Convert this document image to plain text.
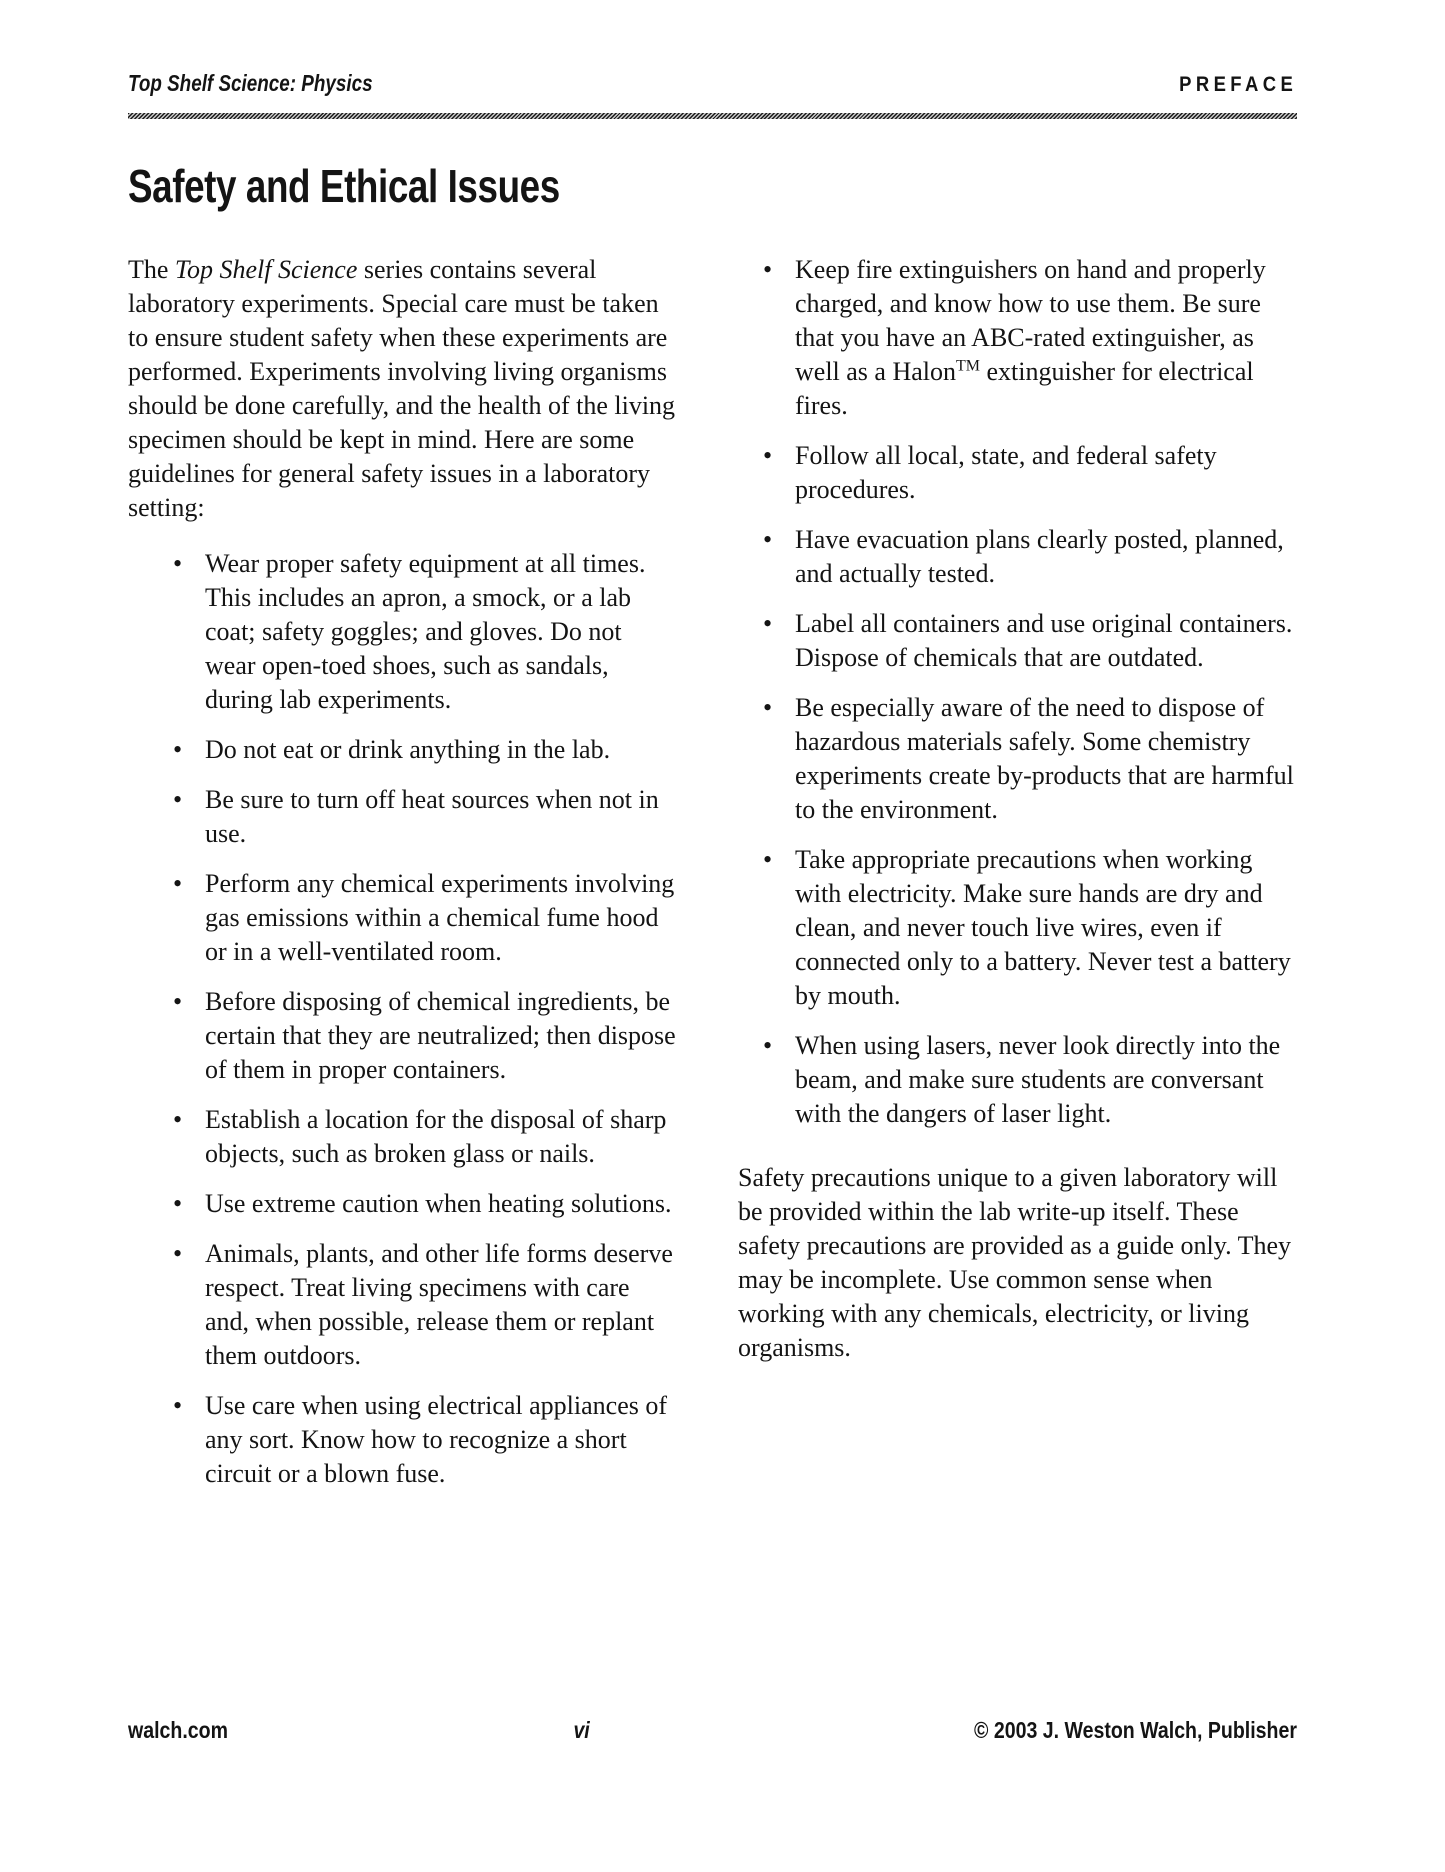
Top Shelf Science: Physics	PREFACE
Safety and Ethical Issues

The Top Shelf Science series contains several laboratory experiments. Special care must be taken to ensure student safety when these experiments are performed. Experiments involving living organisms should be done carefully, and the health of the living specimen should be kept in mind. Here are some guidelines for general safety issues in a laboratory setting:

• Wear proper safety equipment at all times. This includes an apron, a smock, or a lab coat; safety goggles; and gloves. Do not wear open-toed shoes, such as sandals, during lab experiments.
• Do not eat or drink anything in the lab.
• Be sure to turn off heat sources when not in use.
• Perform any chemical experiments involving gas emissions within a chemical fume hood or in a well-ventilated room.
• Before disposing of chemical ingredients, be certain that they are neutralized; then dispose of them in proper containers.
• Establish a location for the disposal of sharp objects, such as broken glass or nails.
• Use extreme caution when heating solutions.
• Animals, plants, and other life forms deserve respect. Treat living specimens with care and, when possible, release them or replant them outdoors.
• Use care when using electrical appliances of any sort. Know how to recognize a short circuit or a blown fuse.
• Keep fire extinguishers on hand and properly charged, and know how to use them. Be sure that you have an ABC-rated extinguisher, as well as a Halon™ extinguisher for electrical fires.
• Follow all local, state, and federal safety procedures.
• Have evacuation plans clearly posted, planned, and actually tested.
• Label all containers and use original containers. Dispose of chemicals that are outdated.
• Be especially aware of the need to dispose of hazardous materials safely. Some chemistry experiments create by-products that are harmful to the environment.
• Take appropriate precautions when working with electricity. Make sure hands are dry and clean, and never touch live wires, even if connected only to a battery. Never test a battery by mouth.
• When using lasers, never look directly into the beam, and make sure students are conversant with the dangers of laser light.

Safety precautions unique to a given laboratory will be provided within the lab write-up itself. These safety precautions are provided as a guide only. They may be incomplete. Use common sense when working with any chemicals, electricity, or living organisms.

walch.com	vi	© 2003 J. Weston Walch, Publisher
